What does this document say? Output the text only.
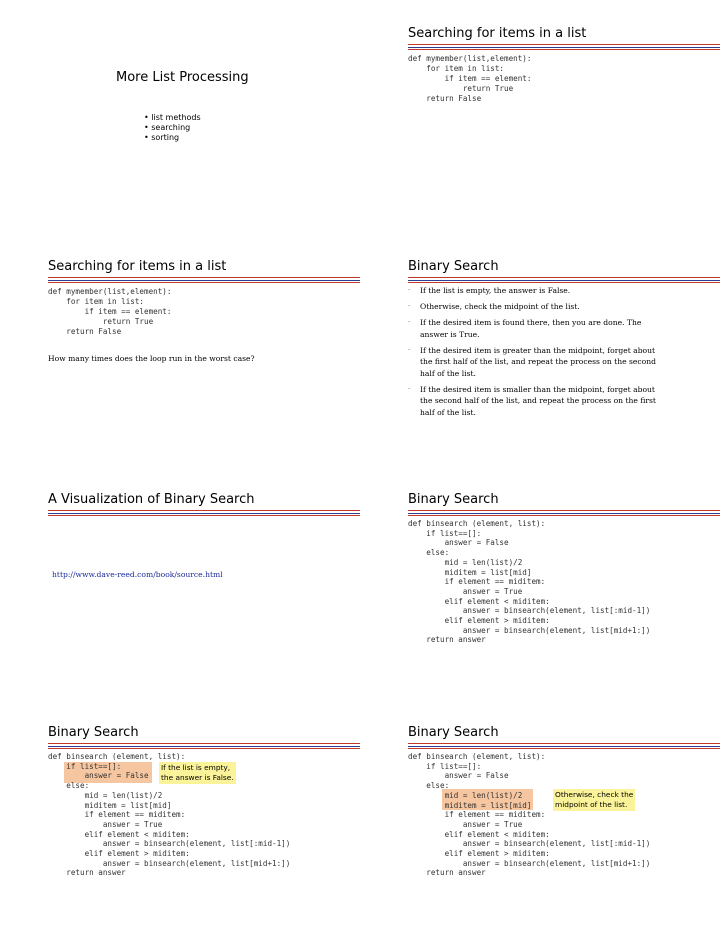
More List Processing
• list methods
• searching
• sorting
Searching for items in a list
def mymember(list,element):
for item in list:
if item == element:
return True
return False
Searching for items in a list
def mymember(list,element):
for item in list:
if item == element:
return True
return False
How many times does the loop run in the worst case?
Binary Search
· If the list is empty, the answer is False.
· Otherwise, check the midpoint of the list.
· If the desired item is found there, then you are done. The answer is True.
· If the desired item is greater than the midpoint, forget about the first half of the list, and repeat the process on the second half of the list.
· If the desired item is smaller than the midpoint, forget about the second half of the list, and repeat the process on the first half of the list.
A Visualization of Binary Search
http://www.dave-reed.com/book/source.html
Binary Search
def binsearch (element, list):
if list==[]:
answer = False
else:
mid = len(list)/2
miditem = list[mid]
if element == miditem:
answer = True
elif element < miditem:
answer = binsearch(element, list[:mid-1])
elif element > miditem:
answer = binsearch(element, list[mid+1:])
return answer
Binary Search
def binsearch (element, list):
if list==[]:
answer = False
else:
mid = len(list)/2
miditem = list[mid]
if element == miditem:
answer = True
elif element < miditem:
answer = binsearch(element, list[:mid-1])
elif element > miditem:
answer = binsearch(element, list[mid+1:])
return answer
If the list is empty,
the answer is False.
Binary Search
def binsearch (element, list):
if list==[]:
answer = False
else:
mid = len(list)/2
miditem = list[mid]
if element == miditem:
answer = True
elif element < miditem:
answer = binsearch(element, list[:mid-1])
elif element > miditem:
answer = binsearch(element, list[mid+1:])
return answer
Otherwise, check the
midpoint of the list.
